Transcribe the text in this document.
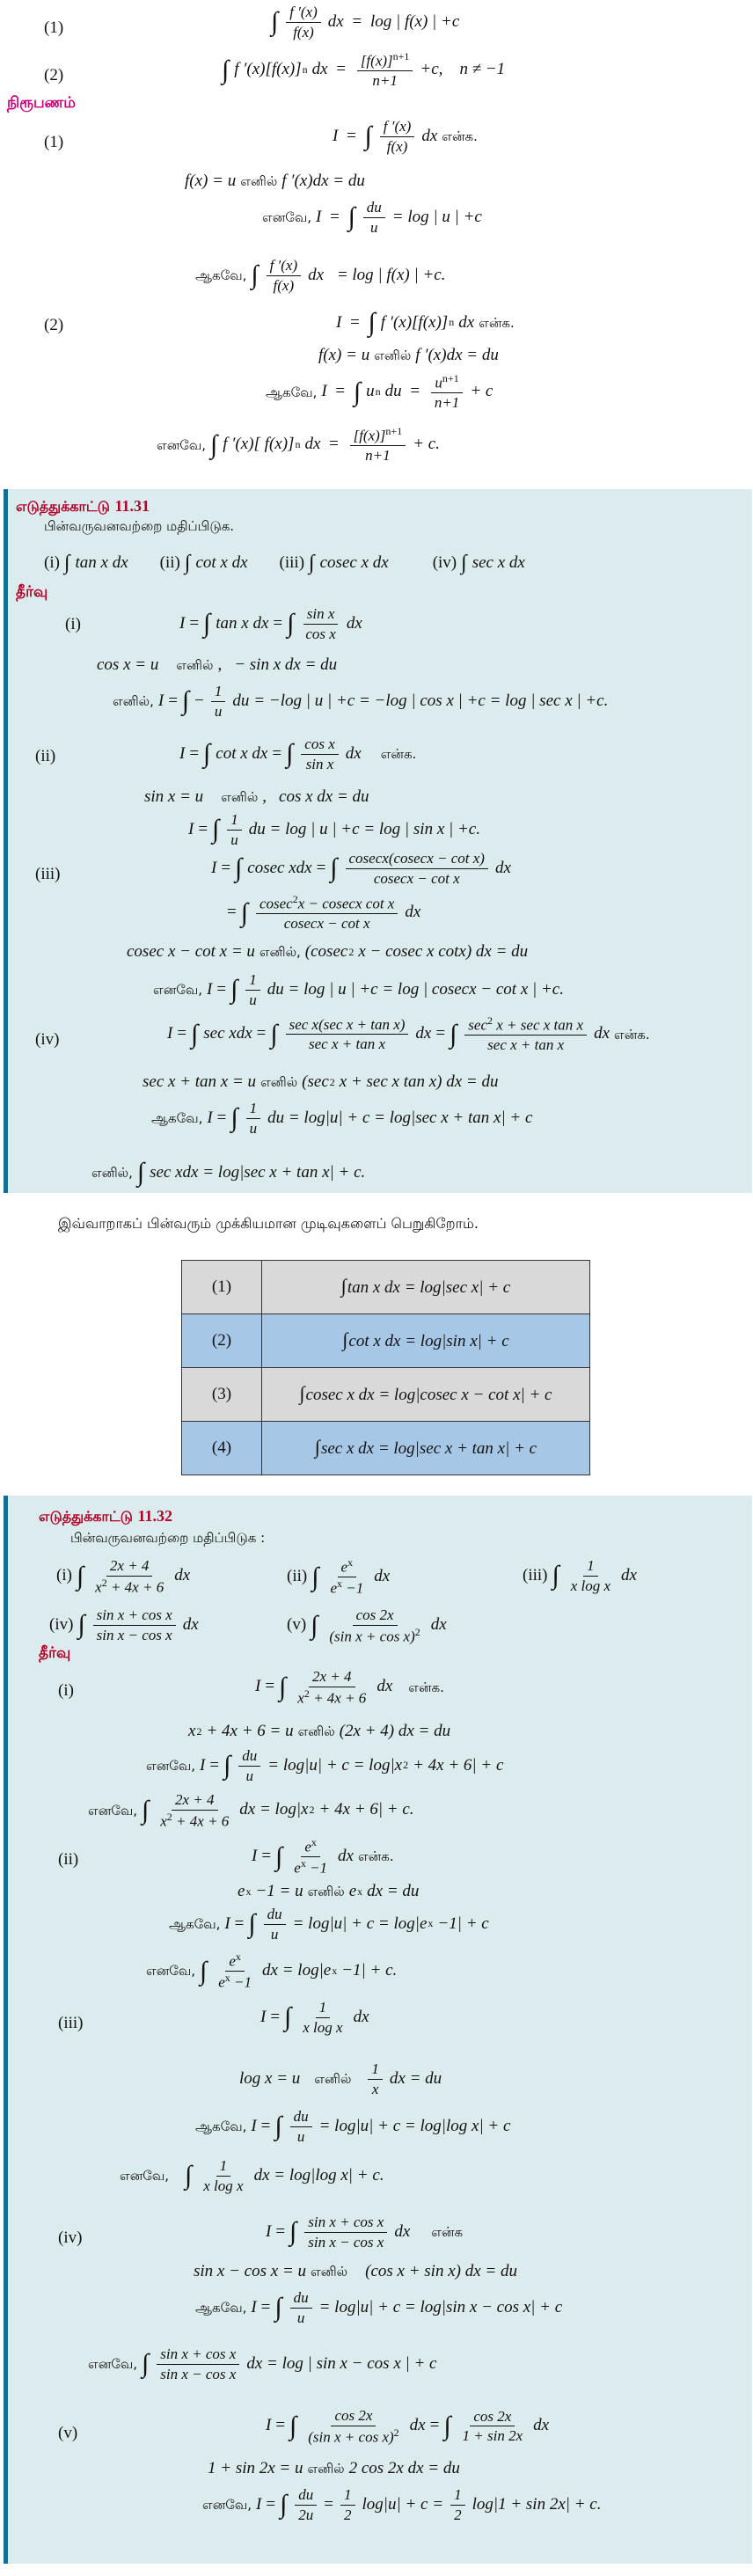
(1)	∫ $\frac{f '(x)}{f(x)}$ dx = log | f(x) | +c
(2)	∫ f ′(x)[f(x)] n dx = $\frac{[f(x)]^{n+1}}{n+1} +c$, n ≠ −1
நிரூபணம்
(1)	I = ∫ $\frac{f '(x)}{f(x)}$ dx என்க.
f(x) = u எனில் f ′(x)dx = du
எனவே, I = ∫ $\frac{du}{u} = \log$ | u | +c
ஆகவே, ∫ $\frac{f '(x)}{f(x)}$ dx
= log | f(x) | +c.
(2)	I = ∫ f ′(x)[f(x)] n dx என்க.
f(x) = u எனில் f ′(x)dx = du
ஆகவே, I = ∫ u n du = $\frac{u^{n+1}}{n+1} + c$
எனவே, ∫ f ′(x)[ f(x)] n dx = $\frac{[f(x)]^{n+1}}{n+1} + c$.
எடுத்துக்காட்டு 11.31
பின்வருவனவற்றை மதிப்பிடுக.
(i) ∫ tan x dx (ii) ∫ cot x dx (iii) ∫ cosec x dx	(iv) ∫ sec x dx
தீர்வு
(i)	I = ∫ tan x dx = ∫ $\frac{\text{sin x}}{\text{cos x}}$ dx
cos x = u எனில் , − sin x dx = du
எனில், I = ∫ − $\frac{1}{u}$ du = −log | u | +c = −log | cos x | +c = log | sec x | +c.
(ii)	I = ∫ cot x dx = ∫ $\frac{\text{cos x}}{\text{sin x}}$ dx என்க.
sin x = u எனில் , cos x dx = du
I = ∫ $\frac{1}{u}$ du = log | u | +c = log | sin x | +c.
(iii)	I = ∫ cosec xdx = ∫ $\frac{\text{cosecx(cosecx − cot x)}}{\text{cosecx − cot x}}$ dx
= ∫ $\frac{cosec^2x - cosecx \cot x}{\text{cosecx − cot x}}$ dx
cosec x − cot x = u எனில், (cosec 2 x − cosec x cotx) dx = du
எனவே, I = ∫ $\frac{1}{u}$ du = log | u | +c = log | cosecx − cot x | +c.
(iv)	I = ∫ sec xdx = ∫ $\frac{\text{sec x(sec x + tan x)}}{\text{sec x + tan x}}$ dx = ∫ $\frac{\sec^2 x + \sec x \tan x}{\text{sec x + tan x}}$ dx என்க.
sec x + tan x = u எனில் (sec 2 x + sec x tan x) dx = du
ஆகவே, I = ∫ $\frac{1}{u}$ du = log|u| + c = log|sec x + tan x| + c
எனில், ∫ sec xdx = log|sec x + tan x| + c.
இவ்வாறாகப் பின்வரும் முக்கியமான முடிவுகளைப் பெறுகிறோம்.
(1)	∫tan x dx = log|sec x| + c
(2)	∫cot x dx = log|sin x| + c
(3)	∫cosec x dx = log|cosec x − cot x| + c
(4)	∫sec x dx = log|sec x + tan x| + c
எடுத்துக்காட்டு 11.32
பின்வருவனவற்றை மதிப்பிடுக :
(i) ∫ $\frac{2x + 4}{x^2 + 4x + 6}$ dx	(ii) ∫ $\frac{e^x}{e^x -1}$ dx	(iii) ∫ $\frac{1}{\text{x log x}}$ dx
(iv) ∫ $\frac{\text{sin x + cos x}}{\text{sin x − cos x}}$ dx	(v) ∫ $\frac{\cos 2x}{(\sin x + \cos x)^2}$ dx
தீர்வு
(i)	I = ∫ $\frac{2x + 4}{x^2 + 4x + 6}$ dx என்க.
x 2 + 4x + 6 = u எனில் (2x + 4) dx = du
எனவே, I = ∫ $\frac{du}{u} = \log|u| + c = \log|x$ 2 + 4x + 6| + c
எனவே, ∫ $\frac{2x + 4}{x^2 + 4x + 6}$ dx = log|x 2 + 4x + 6| + c.
(ii)	I = ∫ $\frac{e^x}{e^x -1}$ dx என்க.
e x −1 = u எனில் e x dx = du
ஆகவே, I = ∫ $\frac{du}{u} = \log|u| + c = \log|e$ x −1| + c
எனவே, ∫ $\frac{e^x}{e^x -1}$ dx = log|e x −1| + c.
(iii)	I = ∫ $\frac{1}{\text{x log x}}$ dx
log x = u எனில் $\frac{1}{x}$ dx = du
ஆகவே, I = ∫ $\frac{du}{u} = \log|u| + c = \log|\log$ x| + c
எனவே, ∫ $\frac{1}{\text{x log x}}$ dx = log|log x| + c.
(iv)	I = ∫ $\frac{\text{sin x + cos x}}{\text{sin x − cos x}}$ dx என்க
sin x − cos x = u எனில் (cos x + sin x) dx = du
ஆகவே, I = ∫ $\frac{du}{u} = \log|u| + c = \log|\sin$ x − cos x| + c
எனவே, ∫ $\frac{\text{sin x + cos x}}{\text{sin x − cos x}}$ dx = log | sin x − cos x | + c
(v)	I = ∫ $\frac{\cos 2x}{(\sin x + \cos x)^2}$ dx = ∫ $\frac{\cos 2x}{1 + \sin 2x}$ dx
1 + sin 2x = u எனில் 2 cos 2x dx = du
எனவே, I = ∫ $\frac{du}{2u} = \frac{1}{2} \log|u| + c = \frac{1}{2} \log|1 + \sin 2x| + c$.
